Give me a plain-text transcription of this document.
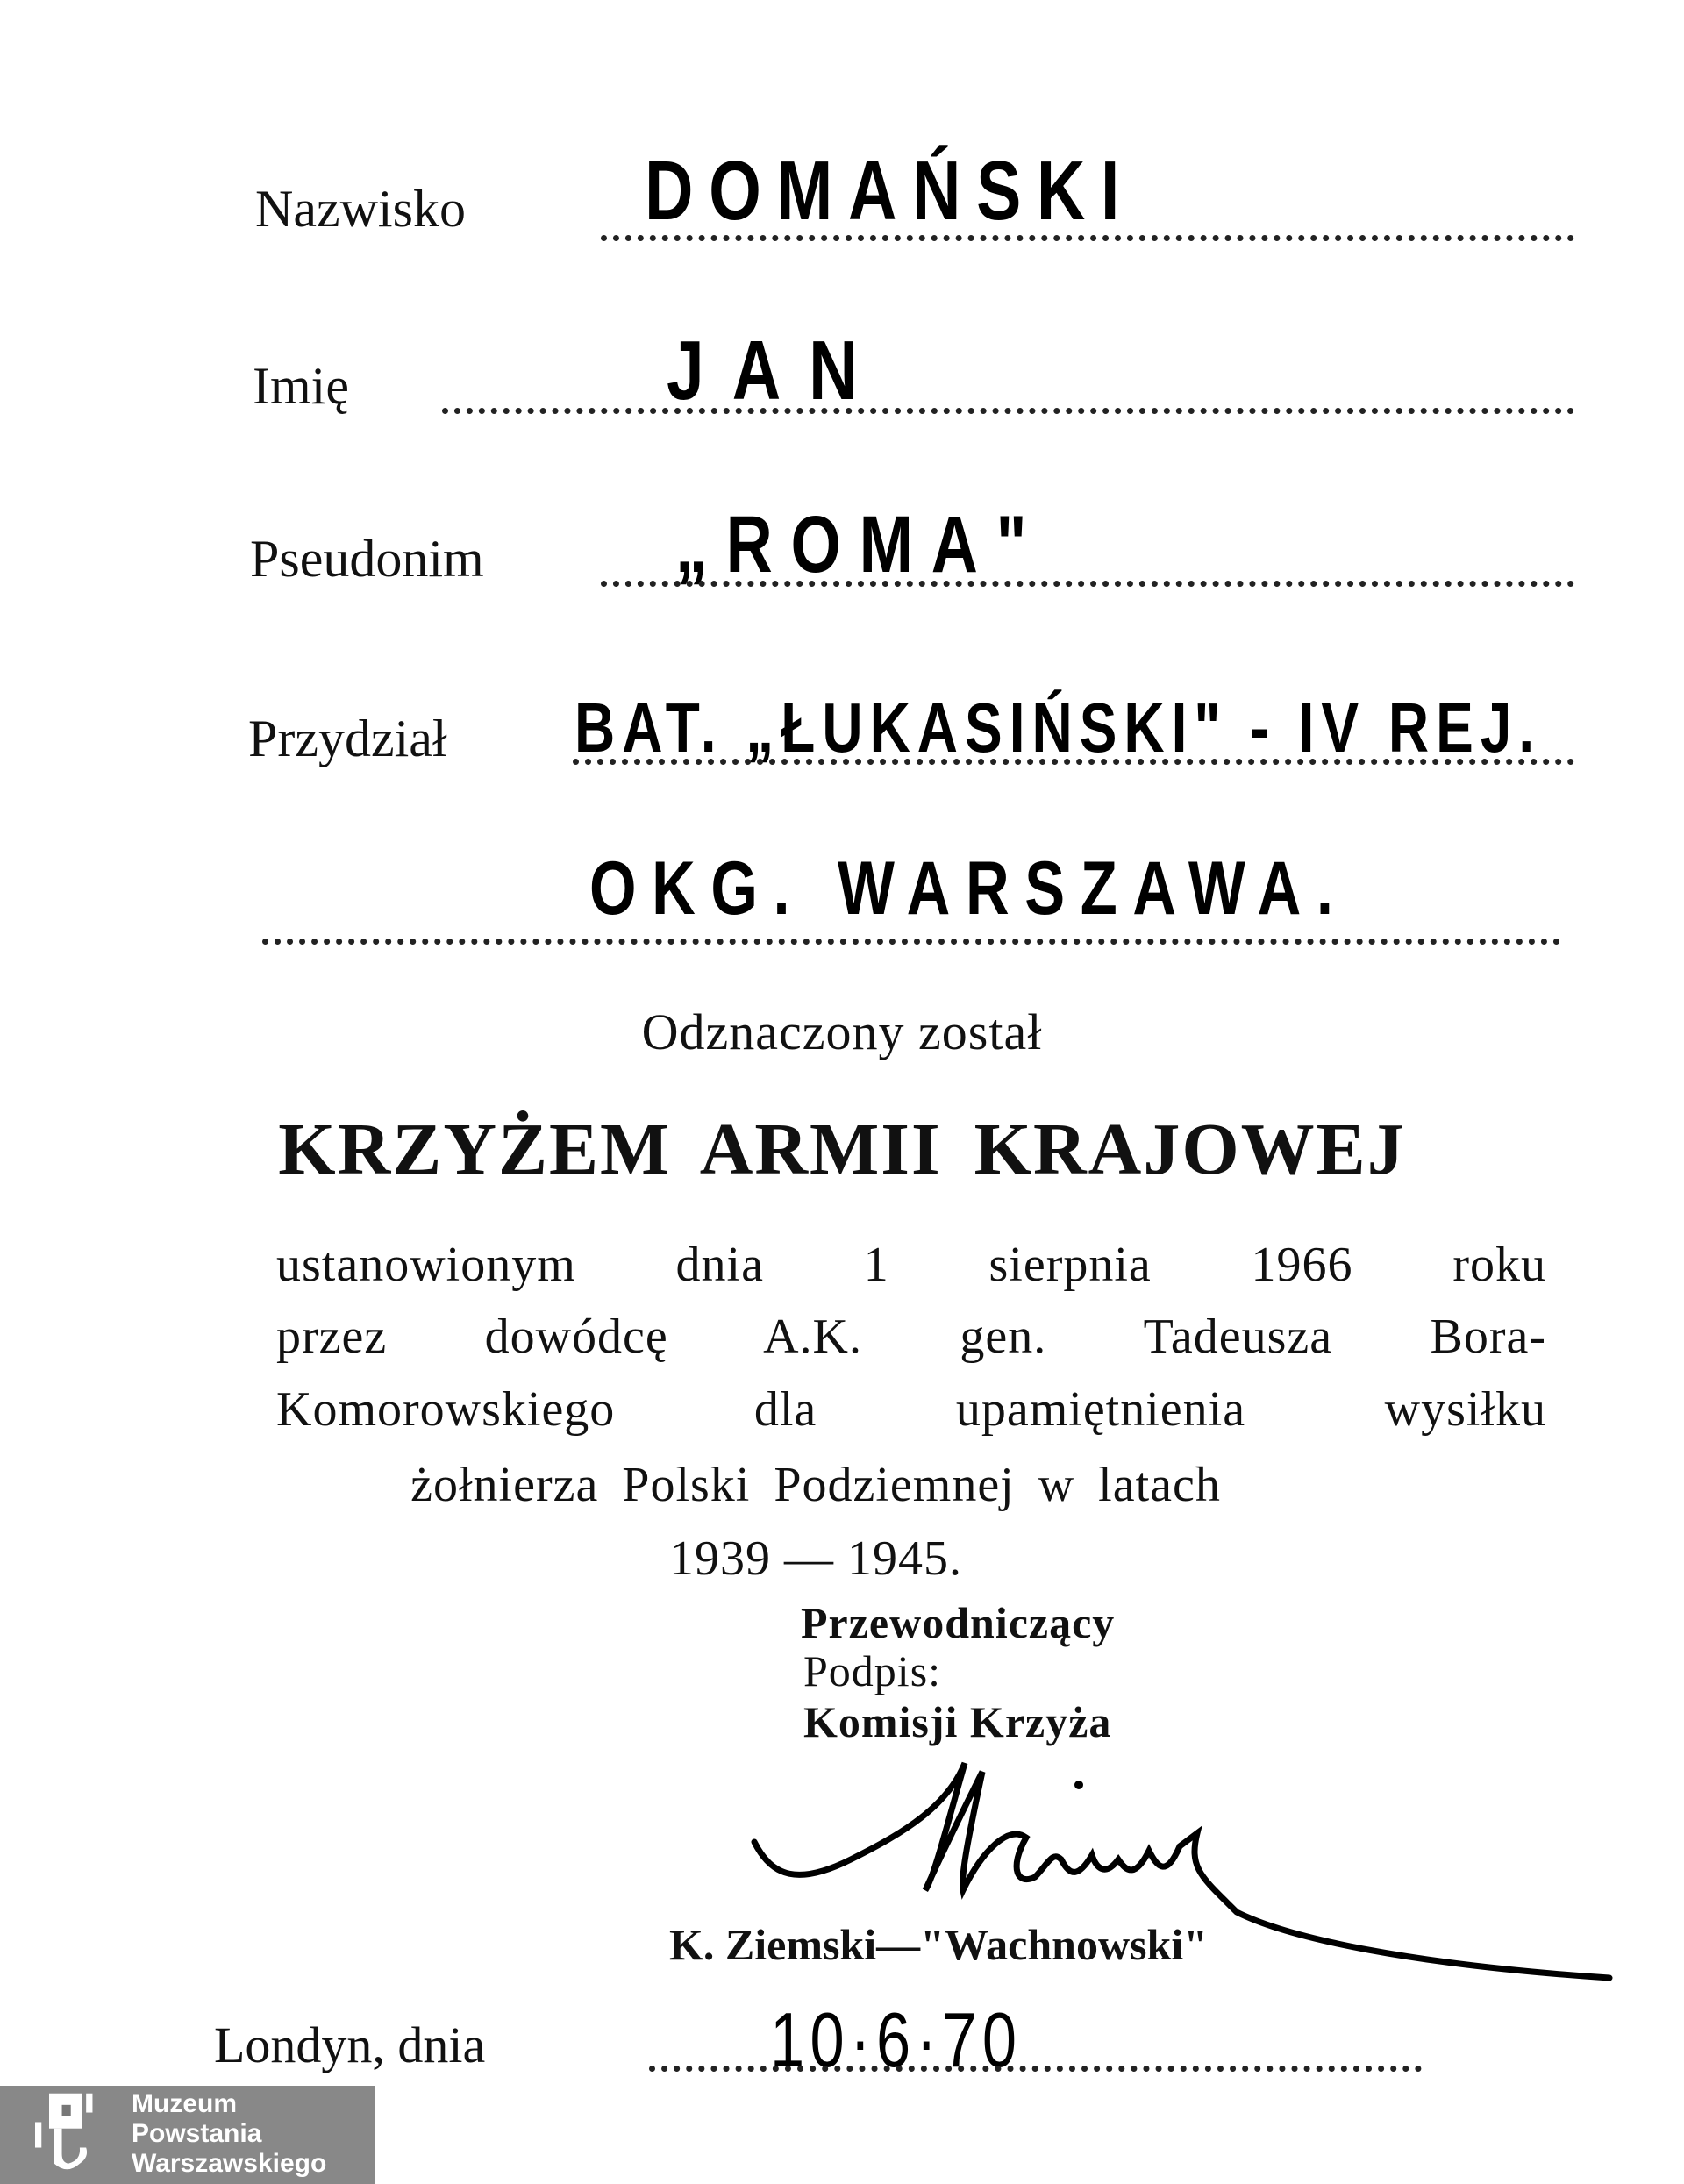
Nazwisko DOMAŃSKI
Imię	JAN
Pseudonim „ROMA"
Przydział BAT. „ŁUKASIŃSKI" - IV REJ.
OKG. WARSZAWA.
Odznaczony został
KRZYŻEM ARMII KRAJOWEJ
ustanowionym dnia 1 sierpnia 1966 roku
przez dowódcę A.K. gen. Tadeusza Bora-
Komorowskiego dla upamiętnienia wysiłku
żołnierza Polski Podziemnej w latach
1939 — 1945.
Przewodniczący
Podpis:
Komisji Krzyża
K. Ziemski—"Wachnowski"
Londyn, dnia	10·6·70
Muzeum
Powstania
Warszawskiego
